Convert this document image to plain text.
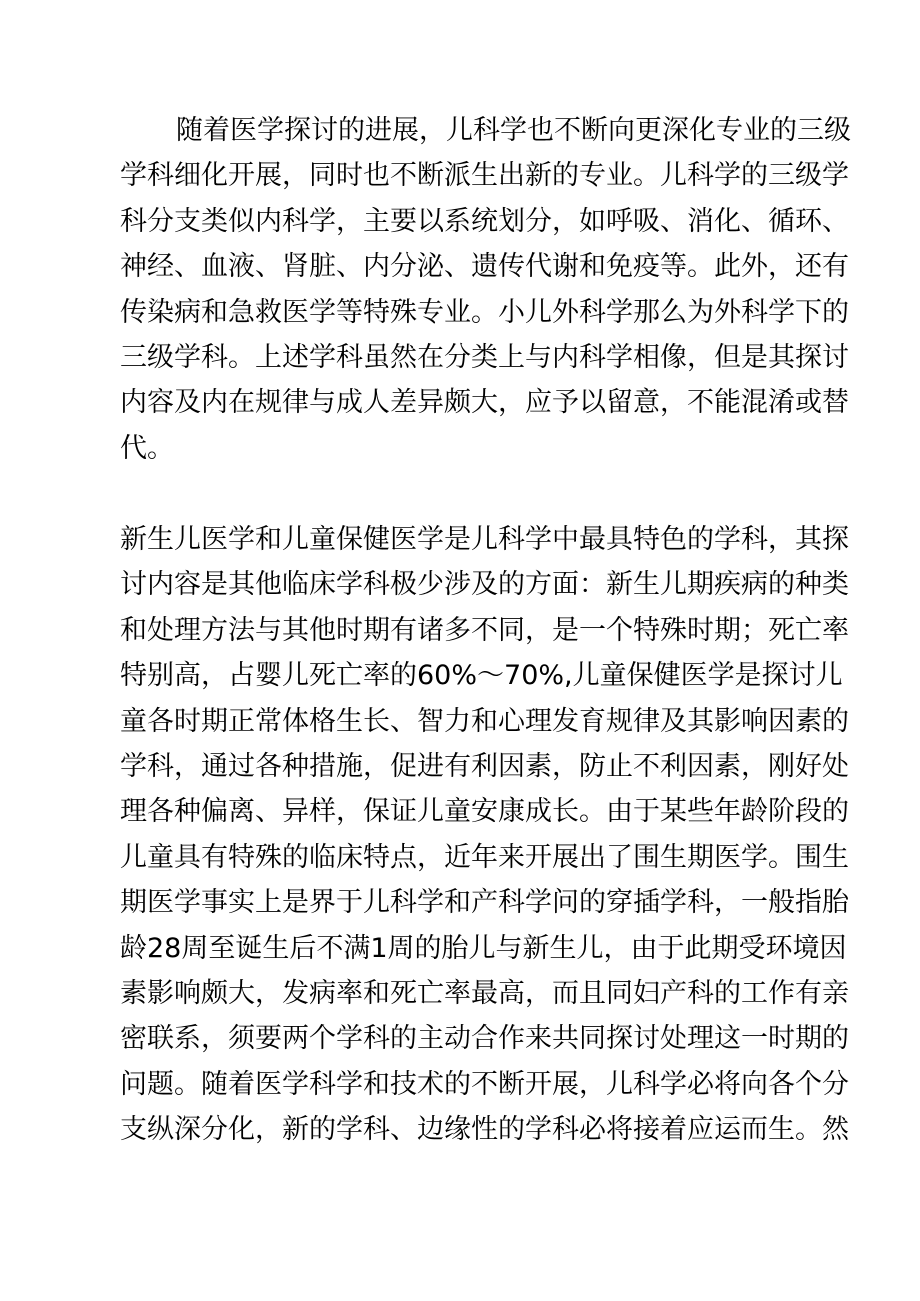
随着医学探讨的进展，儿科学也不断向更深化专业的三级
学科细化开展，同时也不断派生出新的专业。儿科学的三级学
科分支类似内科学，主要以系统划分，如呼吸、消化、循环、
神经、血液、肾脏、内分泌、遗传代谢和免疫等。此外，还有
传染病和急救医学等特殊专业。小儿外科学那么为外科学下的
三级学科。上述学科虽然在分类上与内科学相像，但是其探讨
内容及内在规律与成人差异颇大，应予以留意，不能混淆或替
代。
新生儿医学和儿童保健医学是儿科学中最具特色的学科，其探
讨内容是其他临床学科极少涉及的方面：新生儿期疾病的种类
和处理方法与其他时期有诸多不同，是一个特殊时期；死亡率
特别高，占婴儿死亡率的60%～70%,儿童保健医学是探讨儿
童各时期正常体格生长、智力和心理发育规律及其影响因素的
学科，通过各种措施，促进有利因素，防止不利因素，刚好处
理各种偏离、异样，保证儿童安康成长。由于某些年龄阶段的
儿童具有特殊的临床特点，近年来开展出了围生期医学。围生
期医学事实上是界于儿科学和产科学问的穿插学科，一般指胎
龄28周至诞生后不满1周的胎儿与新生儿，由于此期受环境因
素影响颇大，发病率和死亡率最高，而且同妇产科的工作有亲
密联系，须要两个学科的主动合作来共同探讨处理这一时期的
问题。随着医学科学和技术的不断开展，儿科学必将向各个分
支纵深分化，新的学科、边缘性的学科必将接着应运而生。然
